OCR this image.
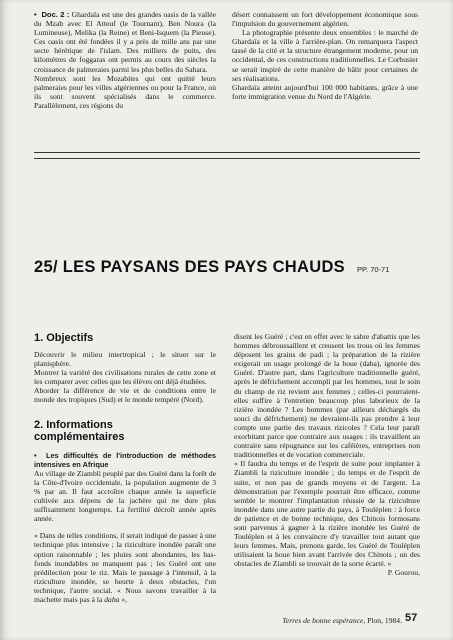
•  Doc. 2 : Ghardaïa est une des grandes oasis de la vallée du Mzab avec El Atteuf (le Tournant), Ben Noura (la Lumineuse), Melika (la Reine) et Beni-Isquem (la Pieuse). Ces oasis ont été fondées il y a près de mille ans par une secte hérétique de l'islam. Des milliers de puits, des kilomètres de foggaras ont permis au cours des siècles la croissance de palmeraies parmi les plus belles du Sahara.

Nombreux sont les Mozabites qui ont quitté leurs palmeraies pour les villes algériennes ou pour la France, où ils sont souvent spécialisés dans le commerce. Parallèlement, ces régions du

désert connaissent un fort développement économique sous l'impulsion du gouvernement algérien.

La photographie présente deux ensembles : le marché de Ghardaïa et la ville à l'arrière-plan. On remarquera l'aspect tassé de la cité et la structure étrangement moderne, pour un occidental, de ces constructions traditionnelles. Le Corbusier se serait inspiré de cette manière de bâtir pour certaines de ses réalisations.

Ghardaïa atteint aujourd'hui 100 000 habitants, grâce à une forte immigration venue du Nord de l'Algérie.

25/ LES PAYSANS DES PAYS CHAUDS PP. 70-71
1. Objectifs

Découvrir le milieu intertropical ; le situer sur le planisphère.

Montrer la variété des civilisations rurales de cette zone et les comparer avec celles que les élèves ont déjà étudiées.

Aborder la différence de vie et de conditions entre le monde des tropiques (Sud) et le monde tempéré (Nord).

2. Informations
complémentaires

•  Les difficultés de l'introduction de méthodes intensives en Afrique

Au village de Ziambli peuplé par des Guéré dans la forêt de la Côte-d'Ivoire occidentale, la population augmente de 3 % par an. Il faut accroître chaque année la superficie cultivée aux dépens de la jachère qui ne dure plus suffisamment longtemps. La fertilité décroît année après année.

« Dans de telles conditions, il serait indiqué de passer à une technique plus intensive ; la riziculture inondée paraît une option raisonnable ; les pluies sont abondantes, les bas-fonds inondables ne manquent pas ; les Guéré ont une prédilection pour le riz. Mais le passage à l'intensif, à la riziculture inondée, se heurte à deux obstacles, l'un technique, l'autre social. « Nous savons travailler à la machette mais pas à la daba »,

disent les Guéré ; c'est en effet avec le sabre d'abattis que les hommes débroussaillent et creusent les trous où les femmes déposent les grains de padi ; la préparation de la rizière exigerait un usage prolongé de la houe (daba), ignorée des Guéré. D'autre part, dans l'agriculture traditionnelle guéré, après le défrichement accompli par les hommes, tout le soin du champ de riz revient aux femmes ; celles-ci pourraient-elles suffire à l'entretien beaucoup plus laborieux de la rizière inondée ? Les hommes (par ailleurs déchargés du souci du défrichement) ne devraient-ils pas prendre à leur compte une partie des travaux rizicoles ? Cela leur paraît exorbitant parce que contraire aux usages : ils travaillent au contraire sans répugnance sur les caféières, entreprises non traditionnelles et de vocation commerciale.

« Il faudra du temps et de l'esprit de suite pour implanter à Ziambli la riziculture inondée ; du temps et de l'esprit de suite, et non pas de grands moyens et de l'argent. La démonstration par l'exemple pourrait être efficace, comme semble le montrer l'implantation réussie de la riziculture inondée dans une autre partie du pays, à Touléplen : à force de patience et de bonne technique, des Chinois formosans sont parvenus à gagner à la rizière inondée les Guéré de Touléplen et à les convaincre d'y travailler tout autant que leurs femmes. Mais, prenons garde, les Guéré de Touléplen utilisaient la houe bien avant l'arrivée des Chinois ; un des obstacles de Ziambli se trouvait de la sorte écarté. »

P. Gourou,

Terres de bonne espérance, Plon, 1984. 57
